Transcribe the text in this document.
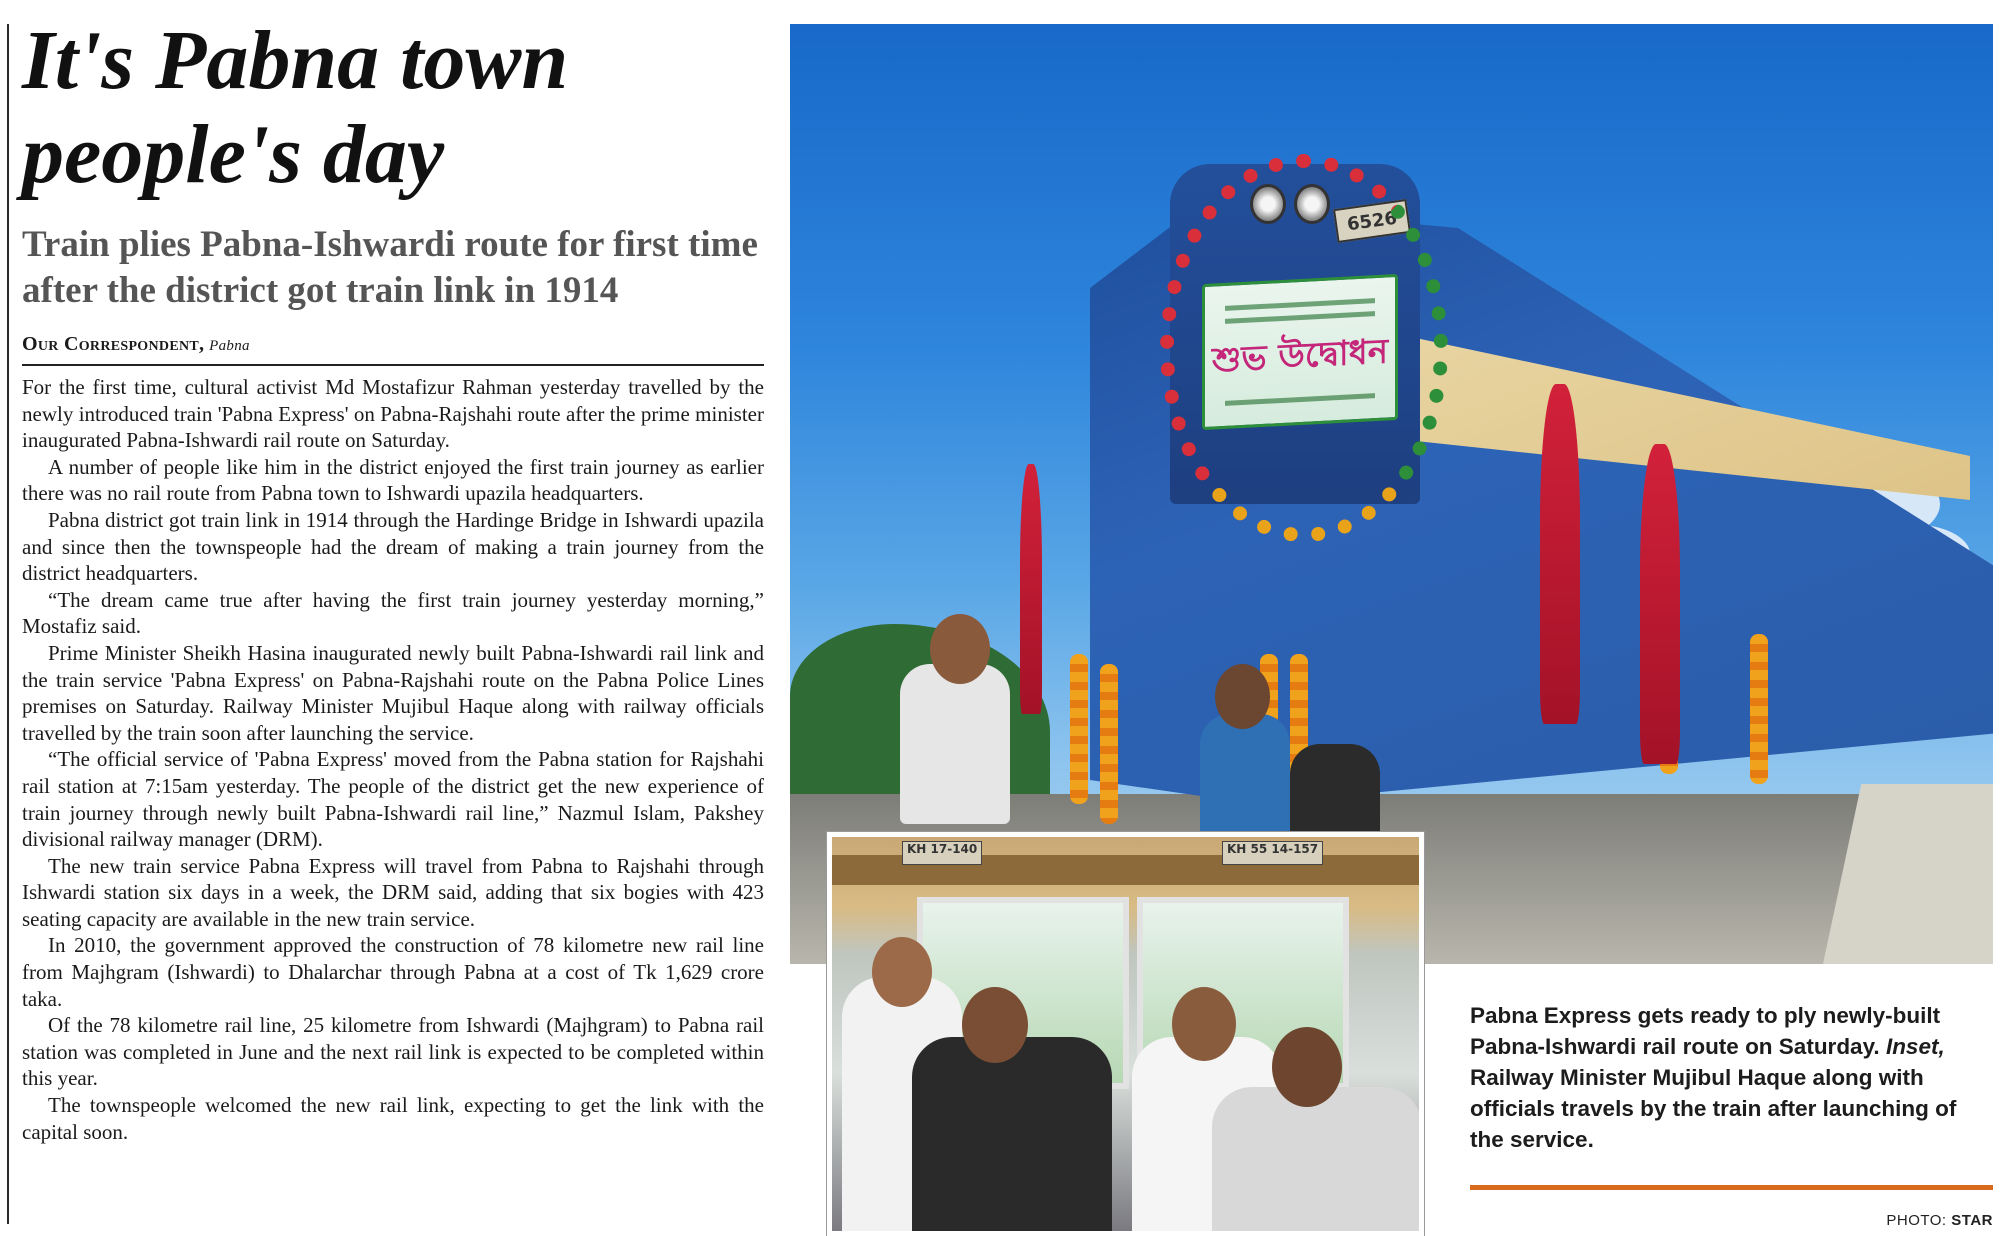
It's Pabna town
people's day
Train plies Pabna-Ishwardi route for first time after the district got train link in 1914
Our Correspondent, Pabna

For the first time, cultural activist Md Mostafizur Rahman yesterday travelled by the newly introduced train 'Pabna Express' on Pabna-Rajshahi route after the prime minister inaugurated Pabna-Ishwardi rail route on Saturday.

A number of people like him in the district enjoyed the first train journey as earlier there was no rail route from Pabna town to Ishwardi upazila headquarters.

Pabna district got train link in 1914 through the Hardinge Bridge in Ishwardi upazila and since then the townspeople had the dream of making a train journey from the district headquarters.

“The dream came true after having the first train journey yesterday morning,” Mostafiz said.

Prime Minister Sheikh Hasina inaugurated newly built Pabna-Ishwardi rail link and the train service 'Pabna Express' on Pabna-Rajshahi route on the Pabna Police Lines premises on Saturday. Railway Minister Mujibul Haque along with railway officials travelled by the train soon after launching the service.

“The official service of 'Pabna Express' moved from the Pabna station for Rajshahi rail station at 7:15am yesterday. The people of the district get the new experience of train journey through newly built Pabna-Ishwardi rail line,” Nazmul Islam, Pakshey divisional railway manager (DRM).

The new train service Pabna Express will travel from Pabna to Rajshahi through Ishwardi station six days in a week, the DRM said, adding that six bogies with 423 seating capacity are available in the new train service.

In 2010, the government approved the construction of 78 kilometre new rail line from Majhgram (Ishwardi) to Dhalarchar through Pabna at a cost of Tk 1,629 crore taka.

Of the 78 kilometre rail line, 25 kilometre from Ishwardi (Majhgram) to Pabna rail station was completed in June and the next rail link is expected to be completed within this year.

The townspeople welcomed the new rail link, expecting to get the link with the capital soon.

6526
শুভ উদ্বোধন
KH 17-140	KH 55 14-157
Pabna Express gets ready to ply newly-built Pabna-Ishwardi rail route on Saturday. Inset, Railway Minister Mujibul Haque along with officials travels by the train after launching of the service.
PHOTO: STAR
